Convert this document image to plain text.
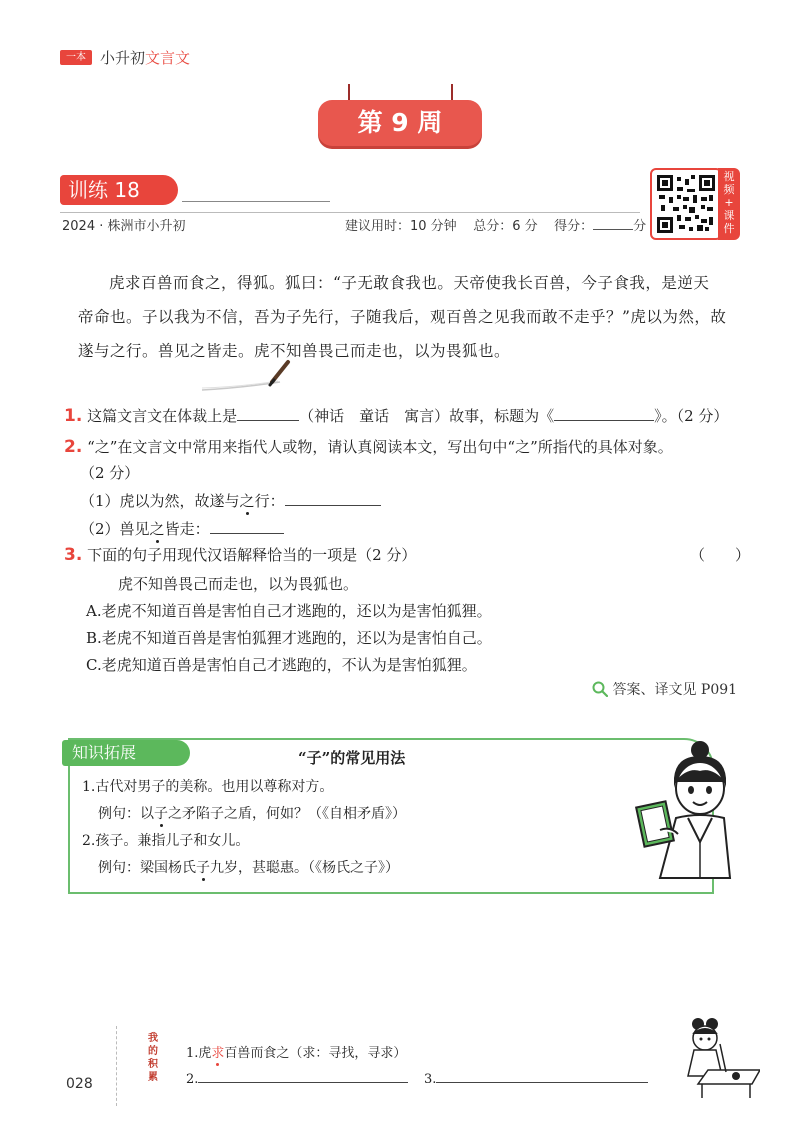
一本 小升初文言文
第 9 周
训练 18
2024 · 株洲市小升初	建议用时：10 分钟 总分：6 分 得分：	分
视
频
+
课
件

虎求百兽而食之，得狐。狐曰：“子无敢食我也。天帝使我长百兽，今子食我，是逆天

帝命也。子以我为不信，吾为子先行，子随我后，观百兽之见我而敢不走乎？”虎以为然，故
遂与之行。兽见之皆走。虎不知兽畏己而走也，以为畏狐也。
1. 这篇文言文在体裁上是	（神话　童话　寓言）故事，标题为《	》。（2 分）
2. “之”在文言文中常用来指代人或物，请认真阅读本文，写出句中“之”所指代的具体对象。
（2 分）
（1）虎以为然，故遂与之行：
（2）兽见之皆走：
3. 下面的句子用现代汉语解释恰当的一项是（2 分）	（　　）
虎不知兽畏己而走也，以为畏狐也。
A.老虎不知道百兽是害怕自己才逃跑的，还以为是害怕狐狸。
B.老虎不知道百兽是害怕狐狸才逃跑的，还以为是害怕自己。
C.老虎知道百兽是害怕自己才逃跑的，不认为是害怕狐狸。
答案、译文见 P091
知识拓展	“子”的常见用法
1.古代对男子的美称。也用以尊称对方。
例句：以子之矛陷子之盾，何如？（《自相矛盾》）
2.孩子。兼指儿子和女儿。
例句：梁国杨氏子九岁，甚聪惠。（《杨氏之子》）
我
的
积
累
1.虎求百兽而食之（求：寻找，寻求）
2.	3.
028
